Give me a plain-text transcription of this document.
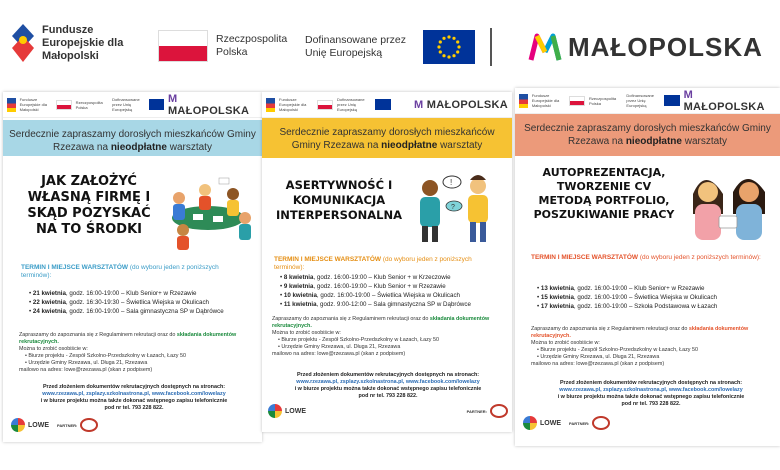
Fundusze Europejskie dla Małopolski
Rzeczpospolita Polska
Dofinansowane przez Unię Europejską	MAŁOPOLSKA
Fundusze Europejskie dla Małopolski
Rzeczpospolita Polska
Dofinansowane przez Unię Europejską
M MAŁOPOLSKA
Serdecznie zapraszamy dorosłych mieszkańców Gminy Rzezawa na nieodpłatne warsztaty
JAK ZAŁOŻYĆ WŁASNĄ FIRMĘ I SKĄD POZYSKAĆ NA TO ŚRODKI
TERMIN I MIEJSCE WARSZTATÓW (do wyboru jeden z poniższych terminów):
• 21 kwietnia, godz. 16:00-19:00 – Klub Senior+ w Rzezawie
• 22 kwietnia, godz. 16:30-19:30 – Świetlica Wiejska w Okulicach
• 24 kwietnia, godz. 16:00-19:00 – Sala gimnastyczna SP w Dąbrówce
Zapraszamy do zapoznania się z Regulaminem rekrutacji oraz do składania dokumentów rekrutacyjnych.
Można to zrobić osobiście w:
• Biurze projektu - Zespół Szkolno-Przedszkolny w Łazach, Łazy 50
• Urzędzie Gminy Rzezawa, ul. Długa 21, Rzezawa
mailowo na adres: lowe@rzezawa.pl (skan z podpisem)
Przed złożeniem dokumentów rekrutacyjnych dostępnych na stronach:
www.rzezawa.pl, zsplazy.szkolnastrona.pl, www.facebook.com/lowelazy
i w biurze projektu można także dokonać wstępnego zapisu telefonicznie
pod nr tel. 793 228 822.
LOWE PARTNER:
Fundusze Europejskie dla Małopolski
Dofinansowane przez Unię Europejską	M MAŁOPOLSKA
Serdecznie zapraszamy dorosłych mieszkańców Gminy Rzezawa na nieodpłatne warsztaty
ASERTYWNOŚĆ I KOMUNIKACJA INTERPERSONALNA
!
?
TERMIN I MIEJSCE WARSZTATÓW (do wyboru jeden z poniższych terminów):
• 8 kwietnia, godz. 16:00-19:00 – Klub Senior + w Krzeczowie
• 9 kwietnia, godz. 16:00-19:00 – Klub Senior + w Rzezawie
• 10 kwietnia, godz. 16:00-19:00 – Świetlica Wiejska w Okulicach
• 11 kwietnia, godz. 9:00-12:00 – Sala gimnastyczna SP w Dąbrówce
Zapraszamy do zapoznania się z Regulaminem rekrutacji oraz do składania dokumentów rekrutacyjnych.
Można to zrobić osobiście w:
• Biurze projektu - Zespół Szkolno-Przedszkolny w Łazach, Łazy 50
• Urzędzie Gminy Rzezawa, ul. Długa 21, Rzezawa
mailowo na adres: lowe@rzezawa.pl (skan z podpisem)
Przed złożeniem dokumentów rekrutacyjnych dostępnych na stronach:
www.rzezawa.pl, zsplazy.szkolnastrona.pl, www.facebook.com/lowelazy
i w biurze projektu można także dokonać wstępnego zapisu telefonicznie
pod nr tel. 793 228 822.
LOWE	PARTNER:
Fundusze Europejskie dla Małopolski
Rzeczpospolita Polska
Dofinansowane przez Unię Europejską
M MAŁOPOLSKA
Serdecznie zapraszamy dorosłych mieszkańców Gminy Rzezawa na nieodpłatne warsztaty
AUTOPREZENTACJA, TWORZENIE CV METODĄ PORTFOLIO, POSZUKIWANIE PRACY
TERMIN I MIEJSCE WARSZTATÓW (do wyboru jeden z poniższych terminów):
• 13 kwietnia, godz. 16:00-19:00 – Klub Senior+ w Rzezawie
• 15 kwietnia, godz. 16:00-19:00 – Świetlica Wiejska w Okulicach
• 17 kwietnia, godz. 16:00-19:00 – Szkoła Podstawowa w Łazach
Zapraszamy do zapoznania się z Regulaminem rekrutacji oraz do składania dokumentów rekrutacyjnych.
Można to zrobić osobiście w:
• Biurze projektu - Zespół Szkolno-Przedszkolny w Łazach, Łazy 50
• Urzędzie Gminy Rzezawa, ul. Długa 21, Rzezawa
mailowo na adres: lowe@rzezawa.pl (skan z podpisem)
Przed złożeniem dokumentów rekrutacyjnych dostępnych na stronach:
www.rzezawa.pl, zsplazy.szkolnastrona.pl, www.facebook.com/lowelazy
i w biurze projektu można także dokonać wstępnego zapisu telefonicznie
pod nr tel. 793 228 822.
LOWE PARTNER:
